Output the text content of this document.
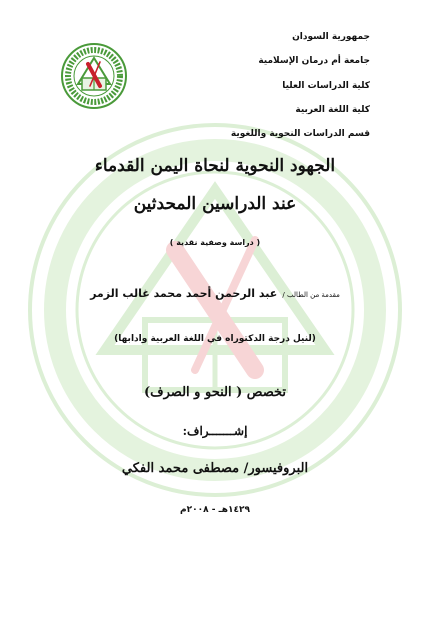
جمهورية السودان
جامعة أم درمان الإسلامية
كلية الدراسات العليا
كلية اللغة العربية
قسم الدراسات النحوية واللغوية
الجهود النحوية لنحاة اليمن القدماء
عند الدراسين المحدثين
( دراسة وصفية نقدية )
مقدمة من الطالب / عبد الرحمن أحمد محمد غالب الزمر
(لنيل درجة الدكتوراه في اللغة العربية وادابها)
تخصص ( النحو و الصرف)
إشـــــــراف:
البروفيسور/ مصطفى محمد الفكي
١٤٢٩هـ - ٢٠٠٨م
